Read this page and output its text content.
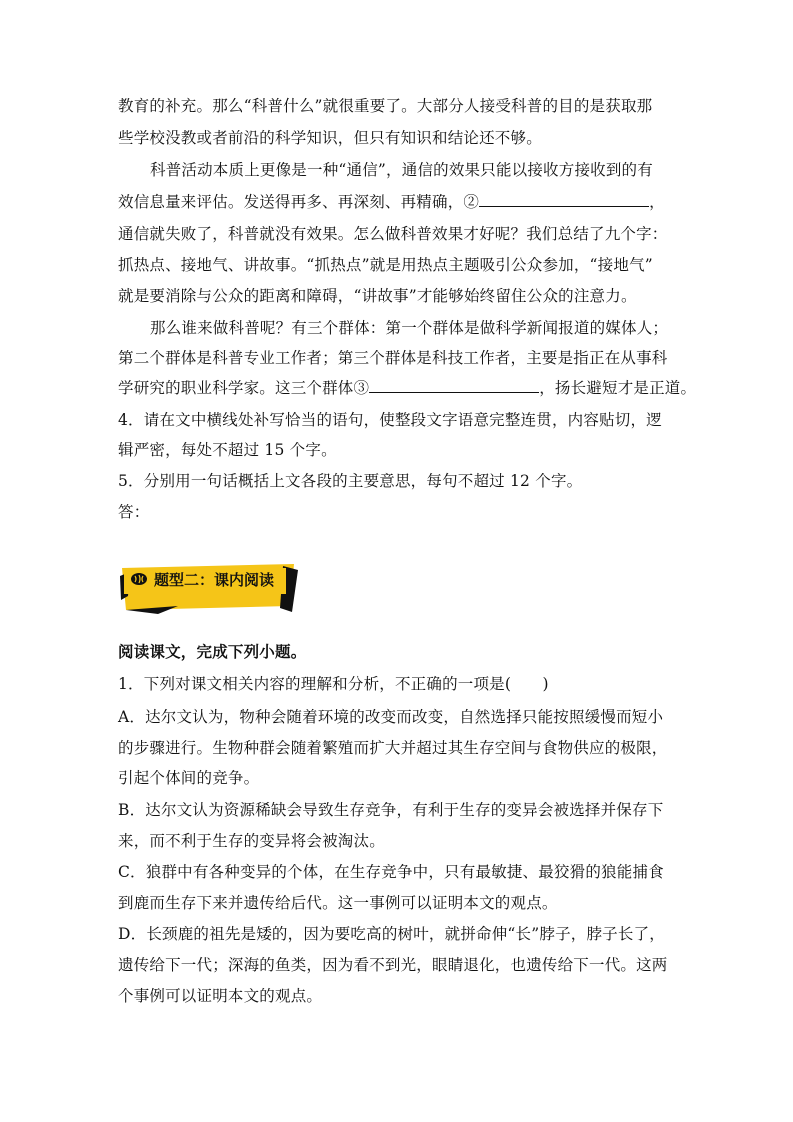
教育的补充。那么“科普什么”就很重要了。大部分人接受科普的目的是获取那
些学校没教或者前沿的科学知识，但只有知识和结论还不够。
科普活动本质上更像是一种“通信”，通信的效果只能以接收方接收到的有
效信息量来评估。发送得再多、再深刻、再精确，②	，
通信就失败了，科普就没有效果。怎么做科普效果才好呢？我们总结了九个字：
抓热点、接地气、讲故事。“抓热点”就是用热点主题吸引公众参加，“接地气”
就是要消除与公众的距离和障碍，“讲故事”才能够始终留住公众的注意力。
那么谁来做科普呢？有三个群体：第一个群体是做科学新闻报道的媒体人；
第二个群体是科普专业工作者；第三个群体是科技工作者，主要是指正在从事科
学研究的职业科学家。这三个群体③	，扬长避短才是正道。
4．请在文中横线处补写恰当的语句，使整段文字语意完整连贯，内容贴切，逻
辑严密，每处不超过 15 个字。
5．分别用一句话概括上文各段的主要意思，每句不超过 12 个字。
答：
题型二：课内阅读
阅读课文，完成下列小题。
1．下列对课文相关内容的理解和分析，不正确的一项是(　　)
A．达尔文认为，物种会随着环境的改变而改变，自然选择只能按照缓慢而短小
的步骤进行。生物种群会随着繁殖而扩大并超过其生存空间与食物供应的极限，
引起个体间的竞争。
B．达尔文认为资源稀缺会导致生存竞争，有利于生存的变异会被选择并保存下
来，而不利于生存的变异将会被淘汰。
C．狼群中有各种变异的个体，在生存竞争中，只有最敏捷、最狡猾的狼能捕食
到鹿而生存下来并遗传给后代。这一事例可以证明本文的观点。
D．长颈鹿的祖先是矮的，因为要吃高的树叶，就拼命伸“长”脖子，脖子长了，
遗传给下一代；深海的鱼类，因为看不到光，眼睛退化，也遗传给下一代。这两
个事例可以证明本文的观点。
